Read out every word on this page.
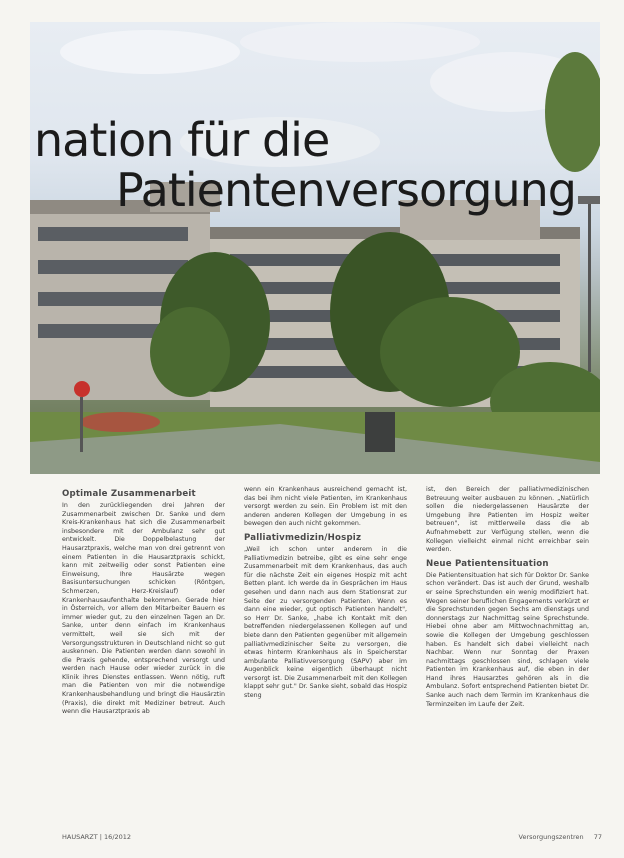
nation für die
Patientenversorgung
Optimale Zusammenarbeit

In den zurückliegenden drei Jahren der Zusammenarbeit zwischen Dr. Sanke und dem Kreis-Krankenhaus hat sich die Zusammenarbeit insbesondere mit der Ambulanz sehr gut entwickelt. Die Doppelbelastung der Hausarztpraxis, welche man von drei getrennt von einem Patienten in die Hausarztpraxis schickt, kann mit zeitweilig oder sonst Patienten eine Einweisung, Ihre Hausärzte wegen Basisuntersuchungen schicken (Röntgen, Schmerzen, Herz-Kreislauf) oder Krankenhausaufenthalte bekommen. Gerade hier in Österreich, vor allem den Mitarbeiter Bauern es immer wieder gut, zu den einzelnen Tagen an Dr. Sanke, unter denn einfach im Krankenhaus vermittelt, weil sie sich mit der Versorgungsstrukturen in Deutschland nicht so gut auskennen. Die Patienten werden dann sowohl in die Praxis gehende, entsprechend versorgt und werden nach Hause oder wieder zurück in die Klinik ihres Dienstes entlassen. Wenn nötig, ruft man die Patienten von mir die notwendige Krankenhausbehandlung und bringt die Hausärztin (Praxis), die direkt mit Mediziner betreut. Auch wenn die Hausarztpraxis ab

wenn ein Krankenhaus ausreichend gemacht ist, das bei ihm nicht viele Patienten, im Krankenhaus versorgt werden zu sein. Ein Problem ist mit den anderen anderen Kollegen der Umgebung in es bewegen den auch nicht gekommen.

Palliativmedizin/Hospiz

„Weil ich schon unter anderem in die Palliativmedizin betreibe, gibt es eine sehr enge Zusammenarbeit mit dem Krankenhaus, das auch für die nächste Zeit ein eigenes Hospiz mit acht Betten plant. Ich werde da in Gesprächen im Haus gesehen und dann nach aus dem Stationsrat zur Seite der zu versorgenden Patienten. Wenn es dann eine wieder, gut optisch Patienten handelt", so Herr Dr. Sanke, „habe ich Kontakt mit den betreffenden niedergelassenen Kollegen auf und biete dann den Patienten gegenüber mit allgemein palliativmedizinischer Seite zu versorgen, die etwas hinterm Krankenhaus als in Speicherstar ambulante Palliativversorgung (SAPV) aber im Augenblick keine eigentlich überhaupt nicht versorgt ist. Die Zusammenarbeit mit den Kollegen klappt sehr gut." Dr. Sanke sieht, sobald das Hospiz steng

ist, den Bereich der palliativmedizinischen Betreuung weiter ausbauen zu können. „Natürlich sollen die niedergelassenen Hausärzte der Umgebung ihre Patienten im Hospiz weiter betreuen", ist mittlerweile dass die ab Aufnahmebett zur Verfügung stellen, wenn die Kollegen vielleicht einmal nicht erreichbar sein werden.

Neue Patientensituation

Die Patientensituation hat sich für Doktor Dr. Sanke schon verändert. Das ist auch der Grund, weshalb er seine Sprechstunden ein wenig modifiziert hat. Wegen seiner beruflichen Engagements verkürzt er die Sprechstunden gegen Sechs am dienstags und donnerstags zur Nachmittag seine Sprechstunde. Hiebei ohne aber am Mittwochnachmittag an, sowie die Kollegen der Umgebung geschlossen haben. Es handelt sich dabei vielleicht nach Nachbar. Wenn nur Sonntag der Praxen nachmittags geschlossen sind, schlagen viele Patienten im Krankenhaus auf, die eben in der Hand ihres Hausarztes gehören als in die Ambulanz. Sofort entsprechend Patienten bietet Dr. Sanke auch nach dem Termin im Krankenhaus die Terminzeiten im Laufe der Zeit.

HAUSARZT | 16/2012	Versorgungszentren 77
